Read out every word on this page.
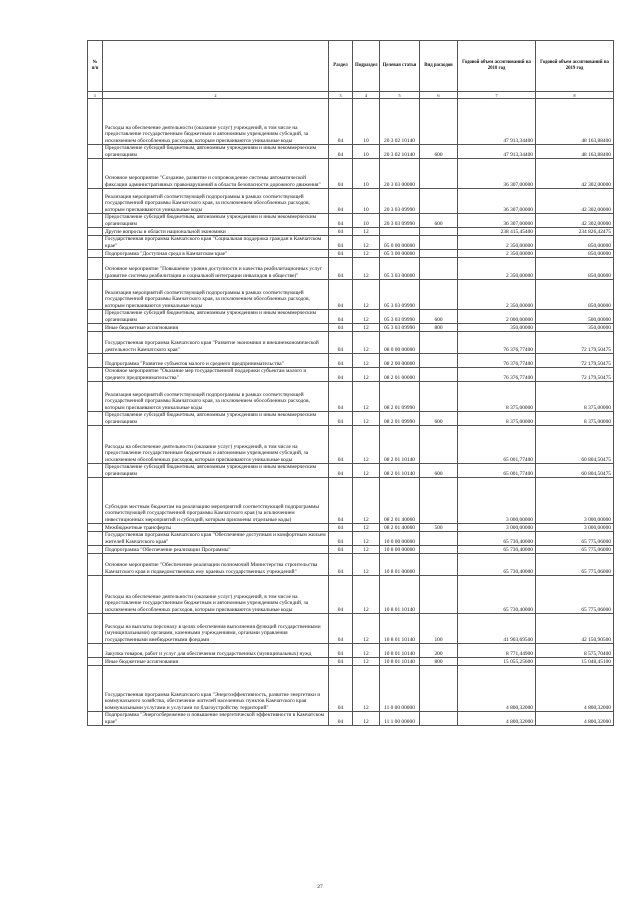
№ п/п		Раздел	Подраздел	Целевая статья	Вид расходов	Годовой объем ассигнований на 2018 год	Годовой объем ассигнований на 2019 год
1	2	3	4	5	6	7	8
	Расходы на обеспечение деятельности (оказание услуг) учреждений, в том числе на предоставление государственным бюджетным и автономным учреждениям субсидий, за исключением обособленных расходов, которым присваиваются уникальные коды	04	10	20 3 02 10140		47 913,34400	48 163,88400
	Предоставление субсидий бюджетным, автономным учреждениям и иным некоммерческим организациям	04	10	20 3 02 10140	600	47 913,34400	48 163,88400
	Основное мероприятие "Создание, развитие и сопровождение системы автоматической фиксации административных правонарушений в области безопасности дорожного движения"	04	10	20 3 03 00000		36 307,00000	42 302,00000
	Реализация мероприятий соответствующей подпрограммы в рамках соответствующей государственной программы Камчатского края, за исключением обособленных расходов, которым присваиваются уникальные коды	04	10	20 3 03 09990		36 307,00000	42 302,00000
	Предоставление субсидий бюджетным, автономным учреждениям и иным некоммерческим организациям	04	10	20 3 03 09990	600	36 307,00000	42 302,00000
	Другие вопросы в области национальной экономики	04	12			238 415,45400	234 826,42475
	Государственная программа Камчатского края "Социальная поддержка граждан в Камчатском крае"	04	12	05 0 00 00000		2 350,00000	850,00000
	Подпрограмма "Доступная среда в Камчатском крае"	04	12	05 3 00 00000		2 350,00000	850,00000
	Основное мероприятие "Повышение уровня доступности и качества реабилитационных услуг (развитие системы реабилитации и социальной интеграции инвалидов в обществе)"	04	12	05 3 03 00000		2 350,00000	850,00000
	Реализация мероприятий соответствующей подпрограммы в рамках соответствующей государственной программы Камчатского края, за исключением обособленных расходов, которым присваиваются уникальные коды	04	12	05 3 03 09990		2 350,00000	850,00000
	Предоставление субсидий бюджетным, автономным учреждениям и иным некоммерческим организациям	04	12	05 3 03 09990	600	2 000,00000	500,00000
	Иные бюджетные ассигнования	04	12	05 3 03 09990	800	350,00000	350,00000
	Государственная программа Камчатского края "Развитие экономики и внешнеэкономической деятельности Камчатского края"	04	12	08 0 00 00000		76 376,77400	72 179,50475
	Подпрограмма "Развитие субъектов малого и среднего предпринимательства"	04	12	08 2 00 00000		76 376,77400	72 179,50475
	Основное мероприятие "Оказание мер государственной поддержки субъектам малого и среднего предпринимательства"	04	12	08 2 01 00000		76 376,77400	72 179,50475
	Реализация мероприятий соответствующей подпрограммы в рамках соответствующей государственной программы Камчатского края, за исключением обособленных расходов, которым присваиваются уникальные коды	04	12	08 2 01 09990		8 375,00000	8 375,00000
	Предоставление субсидий бюджетным, автономным учреждениям и иным некоммерческим организациям	04	12	08 2 01 09990	600	8 375,00000	8 375,00000
	Расходы на обеспечение деятельности (оказание услуг) учреждений, в том числе на предоставление государственным бюджетным и автономным учреждениям субсидий, за исключением обособленных расходов, которым присваиваются уникальные коды	04	12	08 2 01 10140		65 001,77400	60 804,50475
	Предоставление субсидий бюджетным, автономным учреждениям и иным некоммерческим организациям	04	12	08 2 01 10140	600	65 001,77400	60 804,50475
	Субсидии местным бюджетам на реализацию мероприятий соответствующей подпрограммы соответствующей государственной программы Камчатского края (за исключением инвестиционных мероприятий и субсидий, которым присвоены отдельные коды)	04	12	08 2 01 40060		3 000,00000	3 000,00000
	Межбюджетные трансферты	04	12	08 2 01 40060	500	3 000,00000	3 000,00000
	Государственная программа Камчатского края "Обеспечение доступным и комфортным жильем жителей Камчатского края"	04	12	10 0 00 00000		65 730,40000	65 775,06000
	Подпрограмма "Обеспечение реализации Программы"	04	12	10 8 00 00000		65 730,40000	65 775,06000
	Основное мероприятие "Обеспечение реализации полномочий Министерства строительства Камчатского края и подведомственных ему краевых государственных учреждений"	04	12	10 8 01 00000		65 730,40000	65 775,06000
	Расходы на обеспечение деятельности (оказание услуг) учреждений, в том числе на предоставление государственным бюджетным и автономным учреждениям субсидий, за исключением обособленных расходов, которым присваиваются уникальные коды	04	12	10 8 01 10140		65 730,40000	65 775,06000
	Расходы на выплаты персоналу в целях обеспечения выполнения функций государственными (муниципальными) органами, казенными учреждениями, органами управления государственными внебюджетными фондами	04	12	10 8 01 10140	100	41 903,69500	42 150,90500
	Закупка товаров, работ и услуг для обеспечения государственных (муниципальных) нужд	04	12	10 8 01 10140	200	8 771,44900	8 575,70400
	Иные бюджетные ассигнования	04	12	10 8 01 10140	800	15 055,25600	15 048,45100
	Государственная программа Камчатского края "Энергоэффективность, развитие энергетики и коммунального хозяйства, обеспечение жителей населенных пунктов Камчатского края коммунальными услугами и услугами по благоустройству территорий"	04	12	11 0 00 00000		4 800,32000	4 800,32000
	Подпрограмма "Энергосбережение и повышение энергетической эффективности в Камчатском крае"	04	12	11 1 00 00000		4 800,32000	4 800,32000
27
